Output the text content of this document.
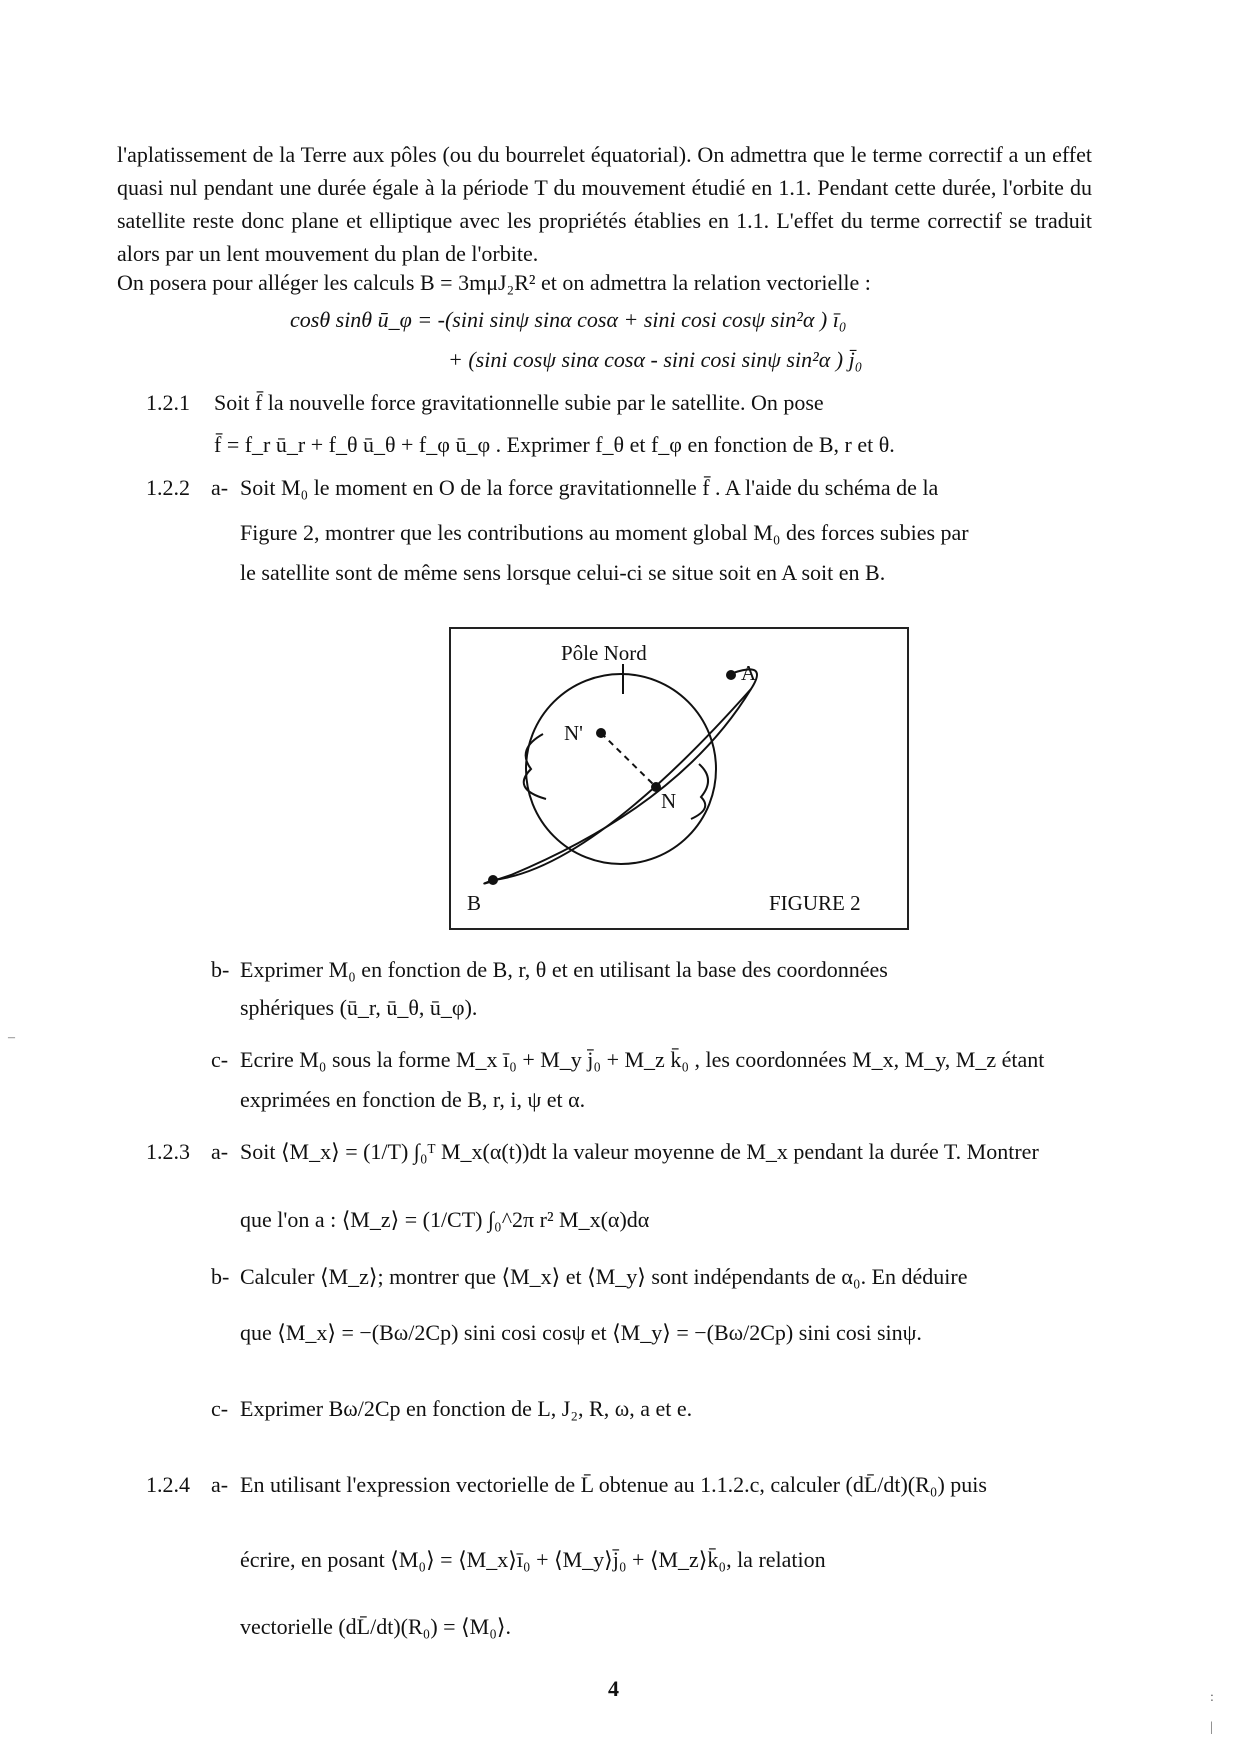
l'aplatissement de la Terre aux pôles (ou du bourrelet équatorial). On admettra que le terme correctif a un effet quasi nul pendant une durée égale à la période T du mouvement étudié en 1.1. Pendant cette durée, l'orbite du satellite reste donc plane et elliptique avec les propriétés établies en 1.1. L'effet du terme correctif se traduit alors par un lent mouvement du plan de l'orbite.
On posera pour alléger les calculs B = 3mμJ₂R² et on admettra la relation vectorielle :
cosθ sinθ ū_φ = -(sini sinψ sinα cosα + sini cosi cosψ sin²α ) ī₀
+ (sini cosψ sinα cosα - sini cosi sinψ sin²α ) j̄₀
1.2.1 Soit f̄ la nouvelle force gravitationnelle subie par le satellite. On pose
f̄ = f_r ū_r + f_θ ū_θ + f_φ ū_φ . Exprimer f_θ et f_φ en fonction de B, r et θ.
1.2.2 a- Soit M₀ le moment en O de la force gravitationnelle f̄ . A l'aide du schéma de la
Figure 2, montrer que les contributions au moment global M₀ des forces subies par
le satellite sont de même sens lorsque celui-ci se situe soit en A soit en B.
Pôle Nord
A
B
N
N'
FIGURE 2
b- Exprimer M₀ en fonction de B, r, θ et en utilisant la base des coordonnées
sphériques (ū_r, ū_θ, ū_φ).
c- Ecrire M₀ sous la forme M_x ī₀ + M_y j̄₀ + M_z k̄₀ , les coordonnées M_x, M_y, M_z étant
exprimées en fonction de B, r, i, ψ et α.
1.2.3 a- Soit ⟨M_x⟩ = (1/T) ∫₀ᵀ M_x(α(t))dt la valeur moyenne de M_x pendant la durée T. Montrer
que l'on a : ⟨M_z⟩ = (1/CT) ∫₀^2π r² M_x(α)dα
b- Calculer ⟨M_z⟩; montrer que ⟨M_x⟩ et ⟨M_y⟩ sont indépendants de α₀. En déduire
que ⟨M_x⟩ = −(Bω/2Cp) sini cosi cosψ et ⟨M_y⟩ = −(Bω/2Cp) sini cosi sinψ.
c- Exprimer Bω/2Cp en fonction de L, J₂, R, ω, a et e.
1.2.4 a- En utilisant l'expression vectorielle de L̄ obtenue au 1.1.2.c, calculer (dL̄/dt)(R₀) puis
écrire, en posant ⟨M₀⟩ = ⟨M_x⟩ī₀ + ⟨M_y⟩j̄₀ + ⟨M_z⟩k̄₀, la relation
vectorielle (dL̄/dt)(R₀) = ⟨M₀⟩.
4	:
|
–
